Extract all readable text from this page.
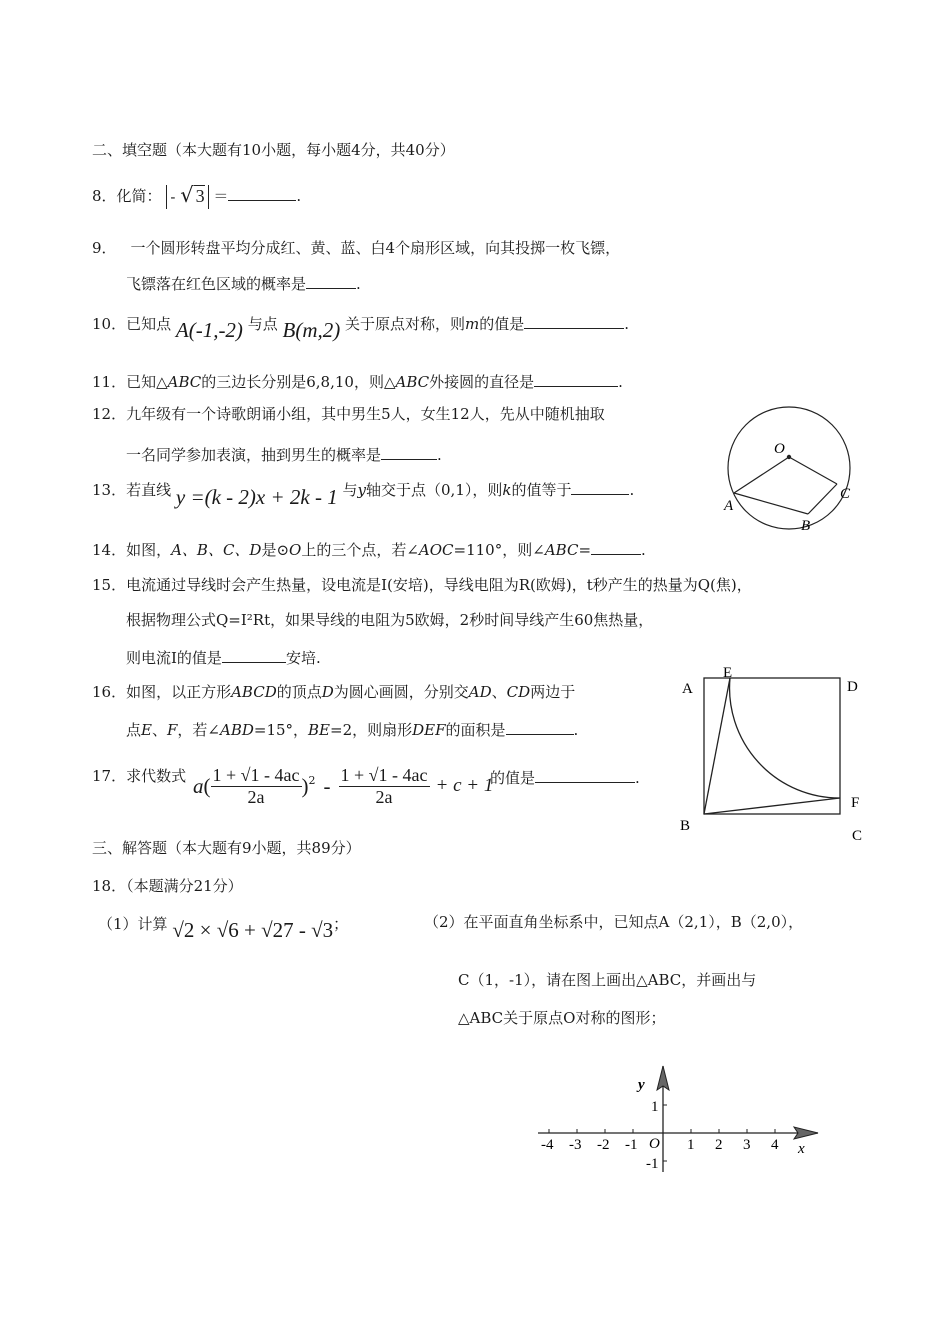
二、填空题（本大题有10小题，每小题4分，共40分）
8．化简： - √ 3 ＝	.
9． 一个圆形转盘平均分成红、黄、蓝、白4个扇形区域，向其投掷一枚飞镖，
飞镖落在红色区域的概率是	.
10．已知点 A(-1,-2) 与点 B(m,2) 关于原点对称，则m的值是	.
11．已知△ABC的三边长分别是6,8,10，则△ABC外接圆的直径是	.
12．九年级有一个诗歌朗诵小组，其中男生5人，女生12人，先从中随机抽取
一名同学参加表演，抽到男生的概率是	.
13．若直线 y =(k - 2)x + 2k - 1 与y轴交于点（0,1），则k的值等于	.
O
A
B
C
14．如图，A、B、C、D是⊙O上的三个点，若∠AOC=110°，则∠ABC=	.
15．电流通过导线时会产生热量，设电流是I(安培)，导线电阻为R(欧姆)，t秒产生的热量为Q(焦)，
根据物理公式Q=I²Rt，如果导线的电阻为5欧姆，2秒时间导线产生60焦热量，
则电流I的值是	安培.
16．如图，以正方形ABCD的顶点D为圆心画圆，分别交AD、CD两边于
点E、F，若∠ABD=15°，BE=2，则扇形DEF的面积是	.
A
E
D
F
B
C
17．求代数式 a ( $\frac{1 + √1 - 4ac}{2a} )^2 - \frac{1 + √1 - 4ac}{2a} + c + 1$
的值是	.
三、解答题（本大题有9小题，共89分）
18．（本题满分21分）
（1）计算 √2 × √6 + √27 - √3；	（2）在平面直角坐标系中，已知点A（2,1），B（2,0），
C（1，-1），请在图上画出△ABC，并画出与
△ABC关于原点O对称的图形；
y
x
O
-4 -3 -2 -1	1 2 3 4
1
-1
